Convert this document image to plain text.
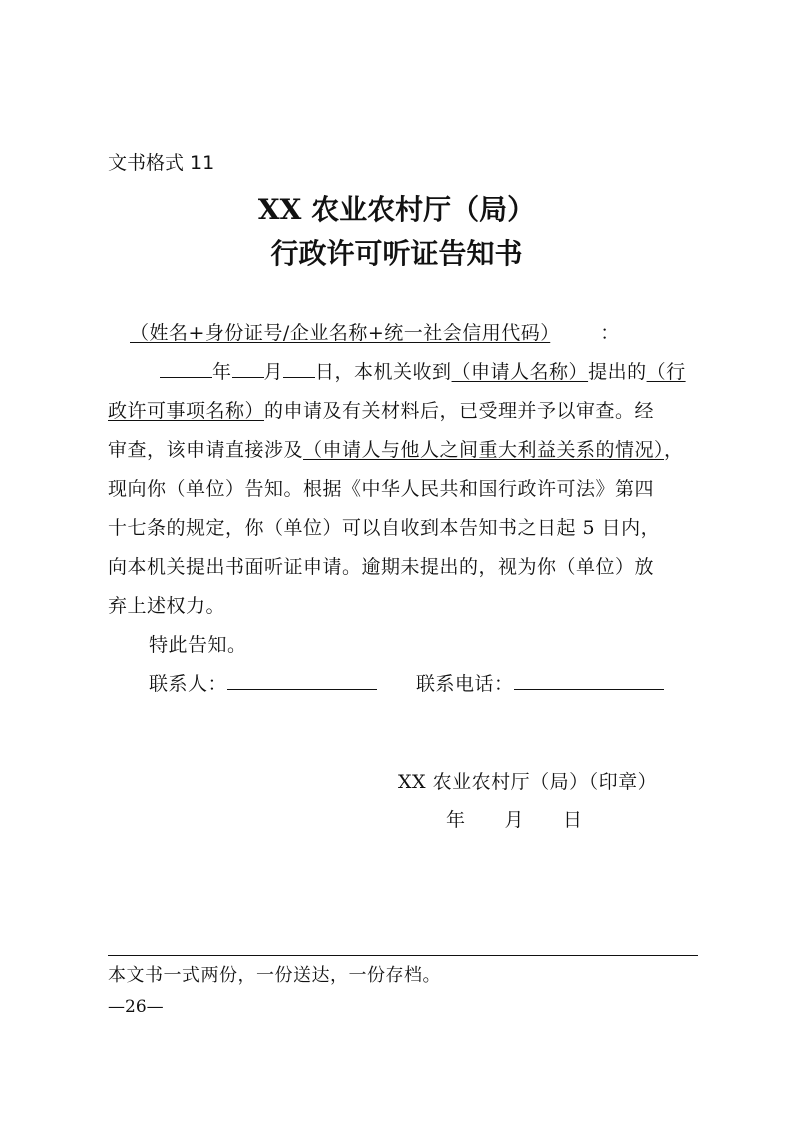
文书格式 11
XX 农业农村厅（局）
行政许可听证告知书
（姓名+身份证号/企业名称+统一社会信用代码）	：
年 月 日，本机关收到（申请人名称）提出的（行
政许可事项名称）的申请及有关材料后，已受理并予以审查。经
审查，该申请直接涉及（申请人与他人之间重大利益关系的情况），
现向你（单位）告知。根据《中华人民共和国行政许可法》第四
十七条的规定，你（单位）可以自收到本告知书之日起 5 日内，
向本机关提出书面听证申请。逾期未提出的，视为你（单位）放
弃上述权力。
特此告知。
联系人：	联系电话：
XX 农业农村厅（局）（印章）
年　　月　　日
本文书一式两份，一份送达，一份存档。
—26—
